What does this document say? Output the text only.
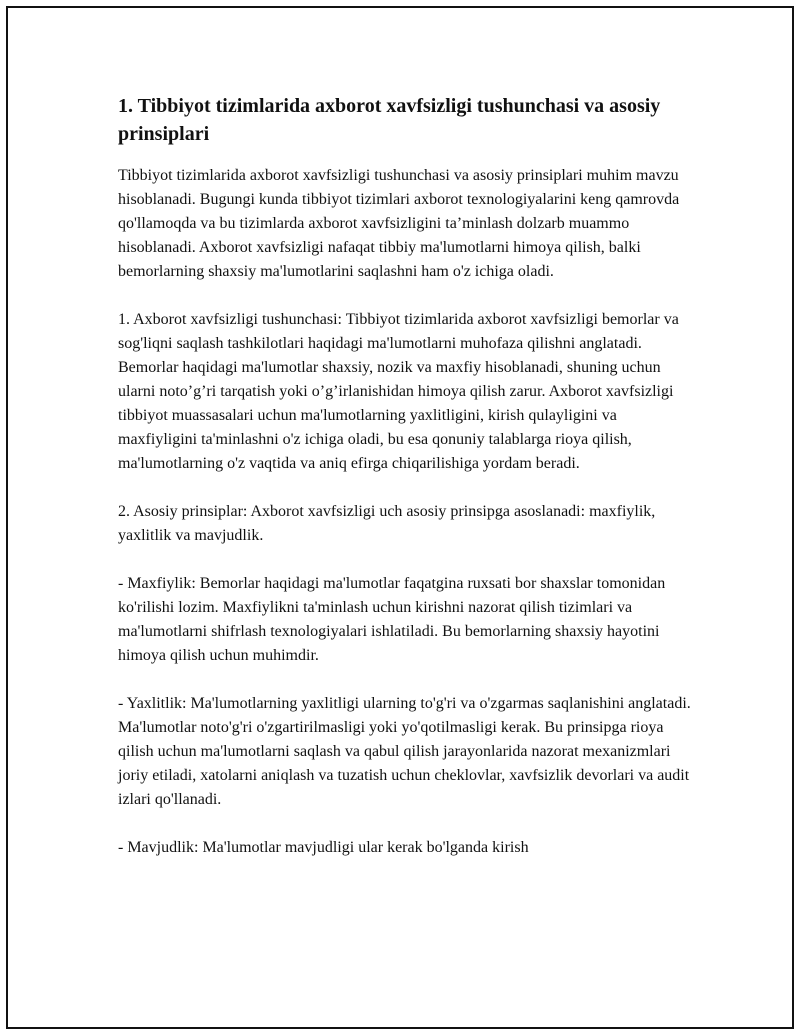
1. Tibbiyot tizimlarida axborot xavfsizligi tushunchasi va asosiy prinsiplari

Tibbiyot tizimlarida axborot xavfsizligi tushunchasi va asosiy prinsiplari muhim mavzu hisoblanadi. Bugungi kunda tibbiyot tizimlari axborot texnologiyalarini keng qamrovda qo'llamoqda va bu tizimlarda axborot xavfsizligini ta’minlash dolzarb muammo hisoblanadi. Axborot xavfsizligi nafaqat tibbiy ma'lumotlarni himoya qilish, balki bemorlarning shaxsiy ma'lumotlarini saqlashni ham o'z ichiga oladi.

1. Axborot xavfsizligi tushunchasi: Tibbiyot tizimlarida axborot xavfsizligi bemorlar va sog'liqni saqlash tashkilotlari haqidagi ma'lumotlarni muhofaza qilishni anglatadi. Bemorlar haqidagi ma'lumotlar shaxsiy, nozik va maxfiy hisoblanadi, shuning uchun ularni noto’g’ri tarqatish yoki o’g’irlanishidan himoya qilish zarur. Axborot xavfsizligi tibbiyot muassasalari uchun ma'lumotlarning yaxlitligini, kirish qulayligini va maxfiyligini ta'minlashni o'z ichiga oladi, bu esa qonuniy talablarga rioya qilish, ma'lumotlarning o'z vaqtida va aniq efirga chiqarilishiga yordam beradi.

2. Asosiy prinsiplar: Axborot xavfsizligi uch asosiy prinsipga asoslanadi: maxfiylik, yaxlitlik va mavjudlik.

- Maxfiylik: Bemorlar haqidagi ma'lumotlar faqatgina ruxsati bor shaxslar tomonidan ko'rilishi lozim. Maxfiylikni ta'minlash uchun kirishni nazorat qilish tizimlari va ma'lumotlarni shifrlash texnologiyalari ishlatiladi. Bu bemorlarning shaxsiy hayotini himoya qilish uchun muhimdir.

- Yaxlitlik: Ma'lumotlarning yaxlitligi ularning to'g'ri va o'zgarmas saqlanishini anglatadi. Ma'lumotlar noto'g'ri o'zgartirilmasligi yoki yo'qotilmasligi kerak. Bu prinsipga rioya qilish uchun ma'lumotlarni saqlash va qabul qilish jarayonlarida nazorat mexanizmlari joriy etiladi, xatolarni aniqlash va tuzatish uchun cheklovlar, xavfsizlik devorlari va audit izlari qo'llanadi.

- Mavjudlik: Ma'lumotlar mavjudligi ular kerak bo'lganda kirish
